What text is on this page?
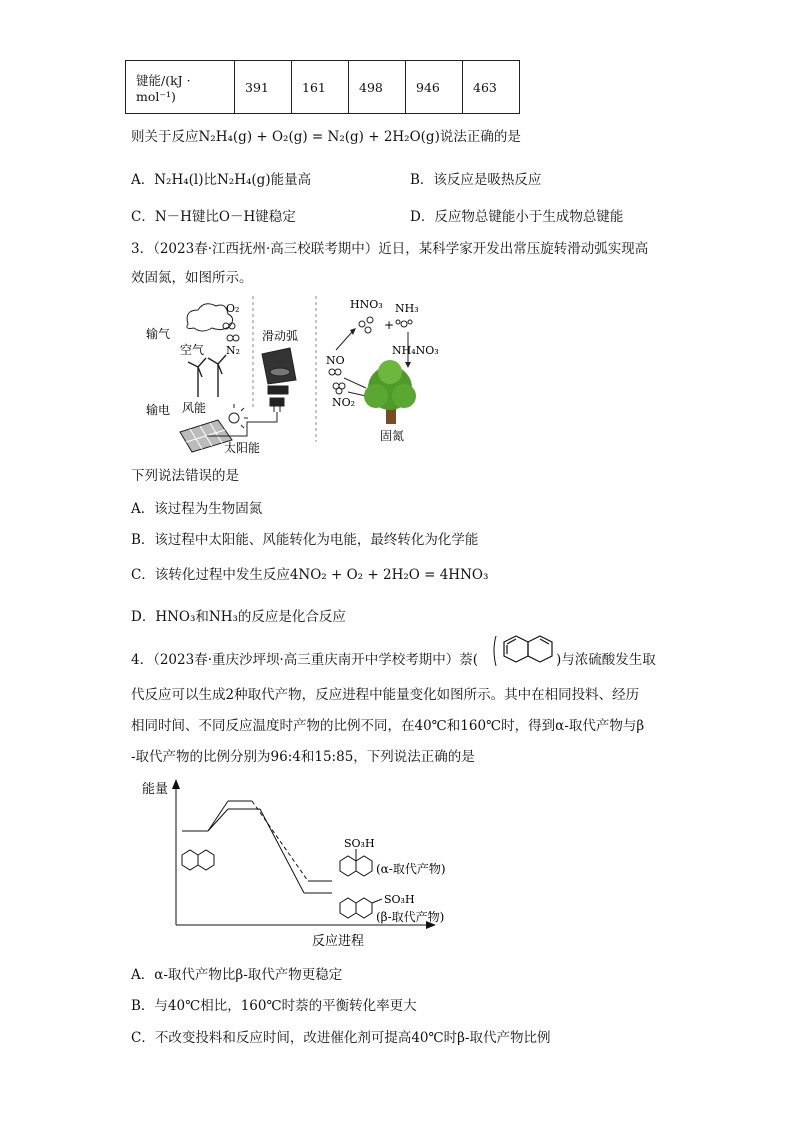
键能/(kJ · mol⁻¹)	391	161	498	946	463
则关于反应N₂H₄(g) + O₂(g) = N₂(g) + 2H₂O(g)说法正确的是
A．N₂H₄(l)比N₂H₄(g)能量高	B．该反应是吸热反应
C．N－H键比O－H键稳定	D．反应物总键能小于生成物总键能
3．（2023春·江西抚州·高三校联考期中）近日，某科学家开发出常压旋转滑动弧实现高
效固氮，如图所示。
输气
空气
O₂
N₂
输电 风能
太阳能
滑动弧
HNO₃ NH₃
+
NH₄NO₃
NO
NO₂
固氮
下列说法错误的是
A．该过程为生物固氮
B．该过程中太阳能、风能转化为电能，最终转化为化学能
C．该转化过程中发生反应4NO₂ + O₂ + 2H₂O = 4HNO₃
D．HNO₃和NH₃的反应是化合反应
4．（2023春·重庆沙坪坝·高三重庆南开中学校考期中）萘(	)与浓硫酸发生取
代反应可以生成2种取代产物，反应进程中能量变化如图所示。其中在相同投料、经历
相同时间、不同反应温度时产物的比例不同，在40℃和160℃时，得到α-取代产物与β
-取代产物的比例分别为96:4和15:85，下列说法正确的是
能量
反应进程
SO₃H
(α-取代产物)
SO₃H
(β-取代产物)
A．α-取代产物比β-取代产物更稳定
B．与40℃相比，160℃时萘的平衡转化率更大
C．不改变投料和反应时间，改进催化剂可提高40℃时β-取代产物比例
